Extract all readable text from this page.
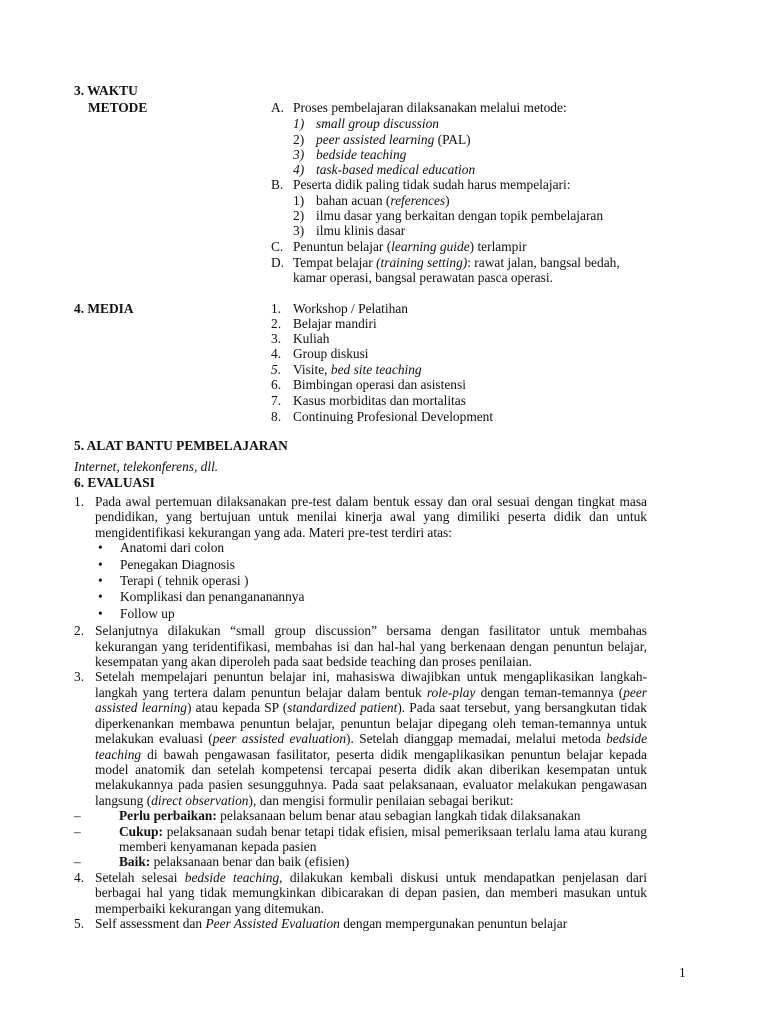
3. WAKTU
METODE	A. Proses pembelajaran dilaksanakan melalui metode:
1) small group discussion
2) peer assisted learning (PAL)
3) bedside teaching
4) task-based medical education
B. Peserta didik paling tidak sudah harus mempelajari:
1) bahan acuan (references)
2) ilmu dasar yang berkaitan dengan topik pembelajaran
3) ilmu klinis dasar
C. Penuntun belajar (learning guide) terlampir
D. Tempat belajar (training setting): rawat jalan, bangsal bedah,
kamar operasi, bangsal perawatan pasca operasi.
4. MEDIA	1. Workshop / Pelatihan
2. Belajar mandiri
3. Kuliah
4. Group diskusi
5. Visite, bed site teaching
6. Bimbingan operasi dan asistensi
7. Kasus morbiditas dan mortalitas
8. Continuing Profesional Development
5. ALAT BANTU PEMBELAJARAN
Internet, telekonferens, dll.
6. EVALUASI
1. Pada awal pertemuan dilaksanakan pre-test dalam bentuk essay dan oral sesuai dengan tingkat masa pendidikan, yang bertujuan untuk menilai kinerja awal yang dimiliki peserta didik dan untuk mengidentifikasi kekurangan yang ada. Materi pre-test terdiri atas:
• Anatomi dari colon
• Penegakan Diagnosis
• Terapi ( tehnik operasi )
• Komplikasi dan penangananannya
• Follow up
2. Selanjutnya dilakukan “small group discussion” bersama dengan fasilitator untuk membahas kekurangan yang teridentifikasi, membahas isi dan hal-hal yang berkenaan dengan penuntun belajar, kesempatan yang akan diperoleh pada saat bedside teaching dan proses penilaian.
3. Setelah mempelajari penuntun belajar ini, mahasiswa diwajibkan untuk mengaplikasikan langkah-langkah yang tertera dalam penuntun belajar dalam bentuk role-play dengan teman-temannya (peer assisted learning) atau kepada SP (standardized patient). Pada saat tersebut, yang bersangkutan tidak diperkenankan membawa penuntun belajar, penuntun belajar dipegang oleh teman-temannya untuk melakukan evaluasi (peer assisted evaluation). Setelah dianggap memadai, melalui metoda bedside teaching di bawah pengawasan fasilitator, peserta didik mengaplikasikan penuntun belajar kepada model anatomik dan setelah kompetensi tercapai peserta didik akan diberikan kesempatan untuk melakukannya pada pasien sesungguhnya. Pada saat pelaksanaan, evaluator melakukan pengawasan langsung (direct observation), dan mengisi formulir penilaian sebagai berikut:
–	Perlu perbaikan: pelaksanaan belum benar atau sebagian langkah tidak dilaksanakan
–	Cukup: pelaksanaan sudah benar tetapi tidak efisien, misal pemeriksaan terlalu lama atau kurang memberi kenyamanan kepada pasien
–	Baik: pelaksanaan benar dan baik (efisien)
4. Setelah selesai bedside teaching, dilakukan kembali diskusi untuk mendapatkan penjelasan dari berbagai hal yang tidak memungkinkan dibicarakan di depan pasien, dan memberi masukan untuk memperbaiki kekurangan yang ditemukan.
5. Self assessment dan Peer Assisted Evaluation dengan mempergunakan penuntun belajar
1
